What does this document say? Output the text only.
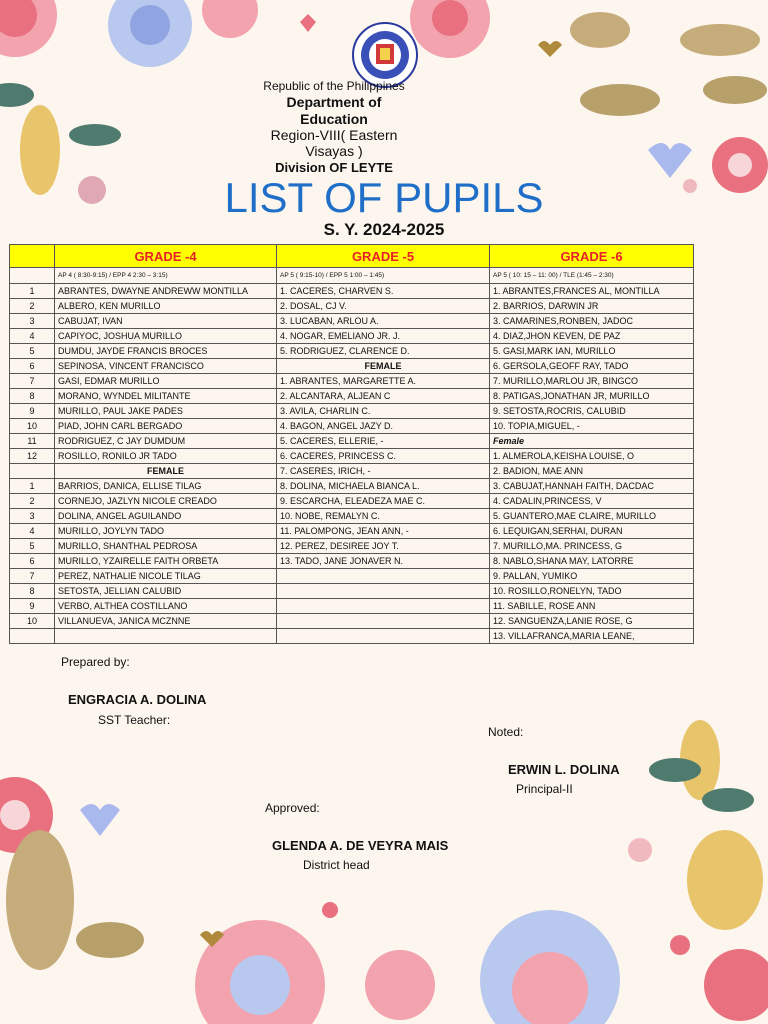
Republic of the Philippines
Department of Education
Region-VIII( Eastern Visayas )
Division OF LEYTE
LIST OF PUPILS
S. Y. 2024-2025
	GRADE -4	GRADE -5	GRADE -6
	AP 4 ( 8:30-9:15) / EPP 4 2:30 – 3:15)	AP 5 ( 9:15-10) / EPP 5 1:00 – 1:45)	AP 5 ( 10: 15 – 11: 00) / TLE (1:45 – 2:30)
1	ABRANTES, DWAYNE ANDREWW MONTILLA	1. CACERES, CHARVEN S.	1. ABRANTES,FRANCES AL, MONTILLA
2	ALBERO, KEN MURILLO	2. DOSAL, CJ V.	2. BARRIOS, DARWIN JR
3	CABUJAT, IVAN	3. LUCABAN, ARLOU A.	3. CAMARINES,RONBEN, JADOC
4	CAPIYOC, JOSHUA MURILLO	4. NOGAR, EMELIANO JR. J.	4. DIAZ,JHON KEVEN, DE PAZ
5	DUMDU, JAYDE FRANCIS BROCES	5. RODRIGUEZ, CLARENCE D.	5. GASI,MARK IAN, MURILLO
6	SEPINOSA, VINCENT FRANCISCO	FEMALE	6. GERSOLA,GEOFF RAY, TADO
7	GASI, EDMAR MURILLO	1. ABRANTES, MARGARETTE A.	7. MURILLO,MARLOU JR, BINGCO
8	MORANO, WYNDEL MILITANTE	2. ALCANTARA, ALJEAN C	8. PATIGAS,JONATHAN JR, MURILLO
9	MURILLO, PAUL JAKE PADES	3. AVILA, CHARLIN C.	9. SETOSTA,ROCRIS, CALUBID
10	PIAD, JOHN CARL BERGADO	4. BAGON, ANGEL JAZY D.	10. TOPIA,MIGUEL, -
11	RODRIGUEZ, C JAY DUMDUM	5. CACERES, ELLERIE, -	Female
12	ROSILLO, RONILO JR TADO	6. CACERES, PRINCESS C.	1. ALMEROLA,KEISHA LOUISE, O
	FEMALE	7. CASERES, IRICH, -	2. BADION, MAE ANN
1	BARRIOS, DANICA, ELLISE TILAG	8. DOLINA, MICHAELA BIANCA L.	3. CABUJAT,HANNAH FAITH, DACDAC
2	CORNEJO, JAZLYN NICOLE CREADO	9. ESCARCHA, ELEADEZA MAE C.	4. CADALIN,PRINCESS, V
3	DOLINA, ANGEL AGUILANDO	10. NOBE, REMALYN C.	5. GUANTERO,MAE CLAIRE, MURILLO
4	MURILLO, JOYLYN TADO	11. PALOMPONG, JEAN ANN, -	6. LEQUIGAN,SERHAI, DURAN
5	MURILLO, SHANTHAL PEDROSA	12. PEREZ, DESIREE JOY T.	7. MURILLO,MA. PRINCESS, G
6	MURILLO, YZAIRELLE FAITH ORBETA	13. TADO, JANE JONAVER N.	8. NABLO,SHANA MAY, LATORRE
7	PEREZ, NATHALIE NICOLE TILAG		9. PALLAN, YUMIKO
8	SETOSTA, JELLIAN CALUBID		10. ROSILLO,RONELYN, TADO
9	VERBO, ALTHEA COSTILLANO		11. SABILLE, ROSE ANN
10	VILLANUEVA, JANICA MCZNNE		12. SANGUENZA,LANIE ROSE, G
			13. VILLAFRANCA,MARIA LEANE,
Prepared by:
ENGRACIA A. DOLINA
SST Teacher:
Noted:
ERWIN L. DOLINA
Principal-II
Approved:
GLENDA A. DE VEYRA MAIS
District head
